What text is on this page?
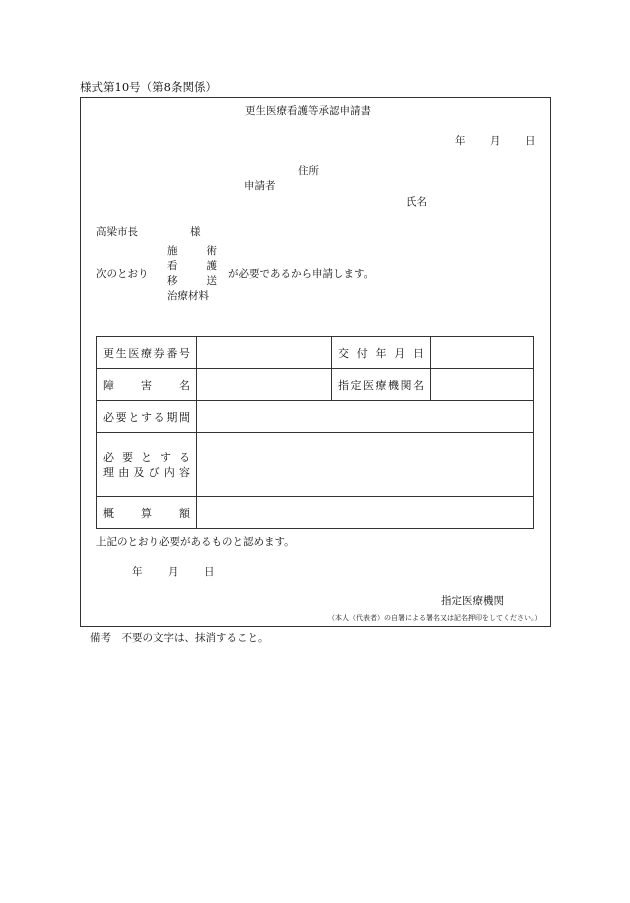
様式第10号（第8条関係）
更生医療看護等承認申請書
年 月 日
住所
申請者
氏名
高梁市長	様
次のとおり
施	術
看	護
移	送
治療材料
が必要であるから申請します。
更生医療券番号		交付年月日	

障害名		指定医療機関名	

必要とする期間			

必要とする
理由及び内容			

概算額			

上記のとおり必要があるものと認めます。
年 月 日
指定医療機関
（本人（代表者）の自署による署名又は記名押印をしてください。）
備考　不要の文字は、抹消すること。
